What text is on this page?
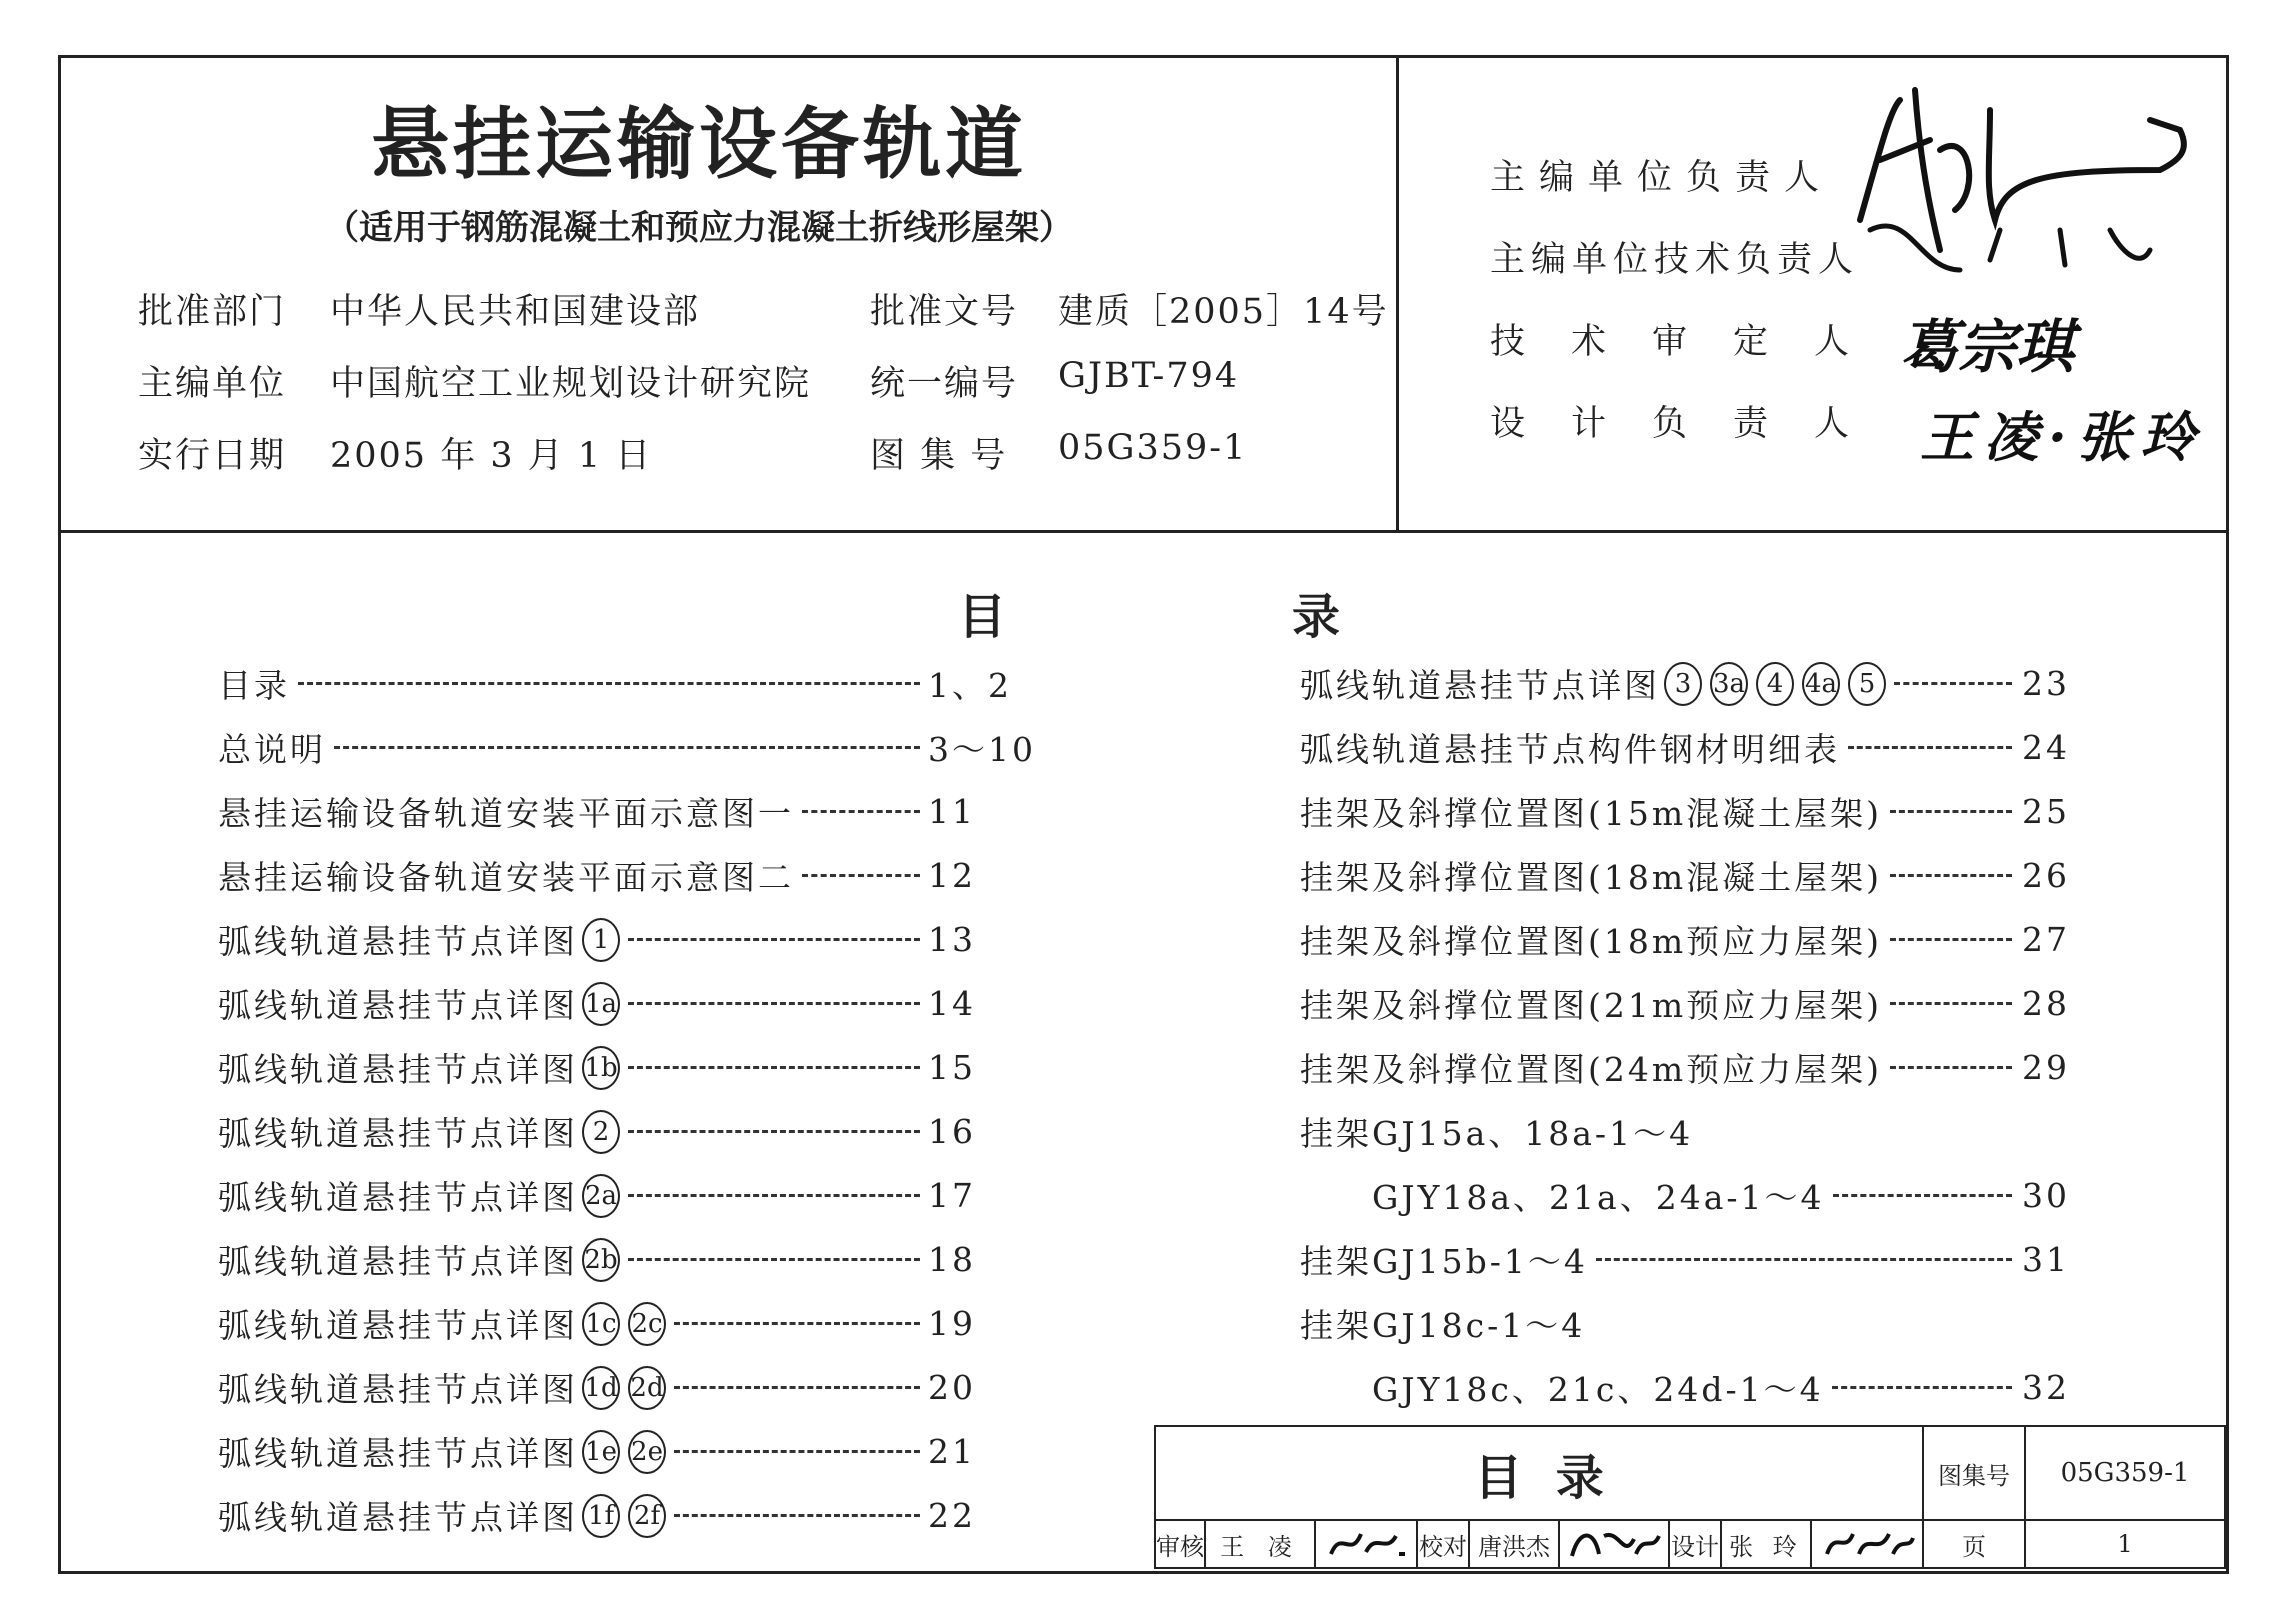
悬挂运输设备轨道
（适用于钢筋混凝土和预应力混凝土折线形屋架）
批准部门 中华人民共和国建设部
主编单位 中国航空工业规划设计研究院
实行日期 2005 年 3 月 1 日
批准文号 建质［2005］14号
统一编号 GJBT-794
图 集 号 05G359-1
主编单位负责人
主编单位技术负责人
技术审定人
设计负责人
葛宗琪
王凌·张玲
目	录
目录	1、2
总说明	3～10
悬挂运输设备轨道安装平面示意图一	11
悬挂运输设备轨道安装平面示意图二	12
弧线轨道悬挂节点详图 1	13
弧线轨道悬挂节点详图 1a	14
弧线轨道悬挂节点详图 1b	15
弧线轨道悬挂节点详图 2	16
弧线轨道悬挂节点详图 2a	17
弧线轨道悬挂节点详图 2b	18
弧线轨道悬挂节点详图 1c 2c	19
弧线轨道悬挂节点详图 1d 2d	20
弧线轨道悬挂节点详图 1e 2e	21
弧线轨道悬挂节点详图 1f 2f	22
弧线轨道悬挂节点详图 3 3a 4 4a 5	23
弧线轨道悬挂节点构件钢材明细表	24
挂架及斜撑位置图(15m混凝土屋架)	25
挂架及斜撑位置图(18m混凝土屋架)	26
挂架及斜撑位置图(18m预应力屋架)	27
挂架及斜撑位置图(21m预应力屋架)	28
挂架及斜撑位置图(24m预应力屋架)	29
挂架GJ15a、18a-1～4
GJY18a、21a、24a-1～4	30
挂架GJ15b-1～4	31
挂架GJ18c-1～4
GJY18c、21c、24d-1～4	32
目  录	图集号 05G359-1
审核 王 凌	校对 唐洪杰	设计 张 玲	页	1
